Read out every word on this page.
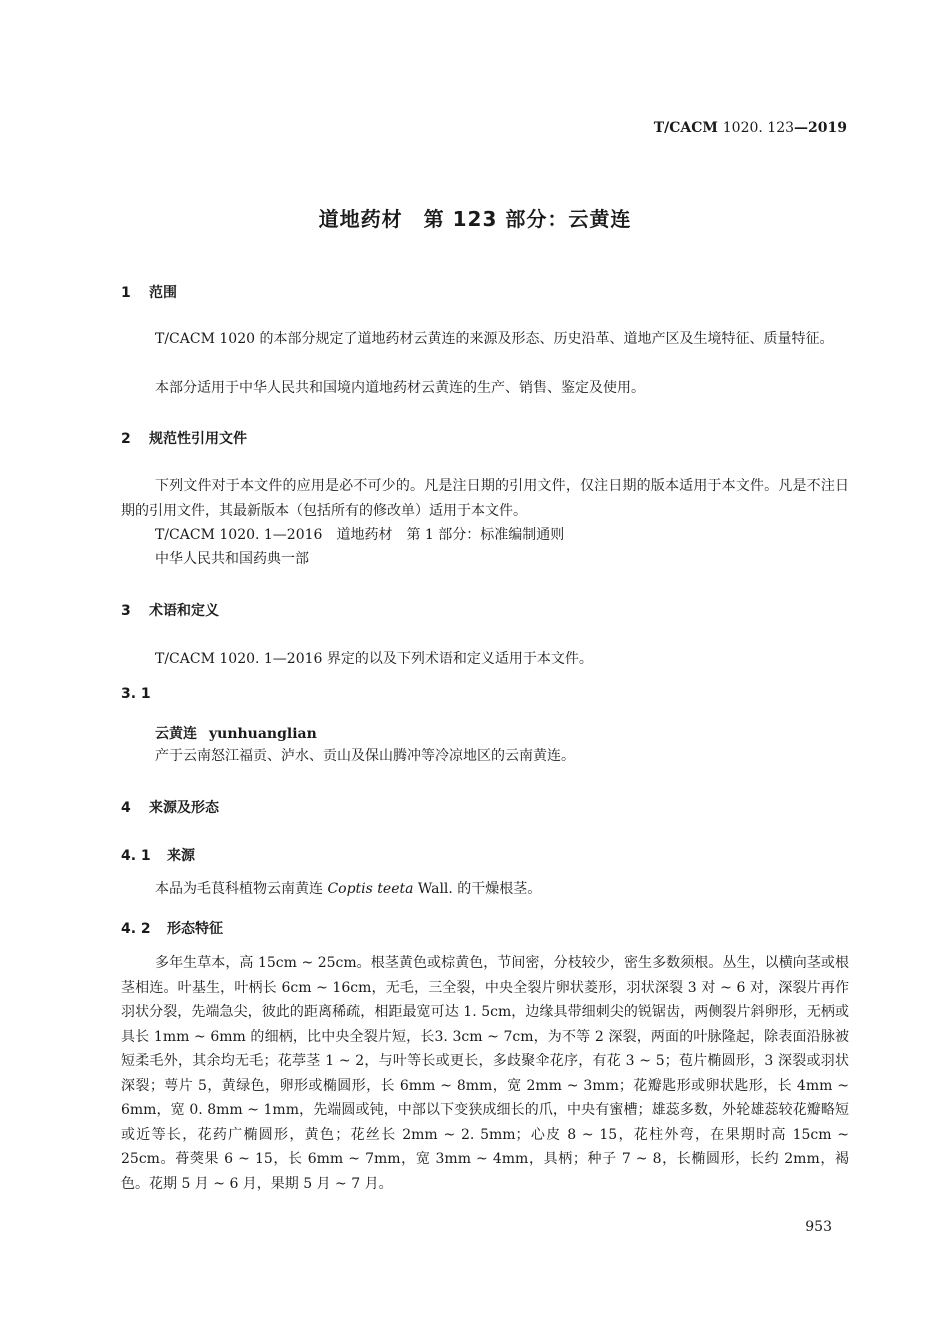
T/CACM 1020. 123—2019
道地药材　第 123 部分：云黄连
1 范围
T/CACM 1020 的本部分规定了道地药材云黄连的来源及形态、历史沿革、道地产区及生境特征、质量特征。
本部分适用于中华人民共和国境内道地药材云黄连的生产、销售、鉴定及使用。
2 规范性引用文件
下列文件对于本文件的应用是必不可少的。凡是注日期的引用文件，仅注日期的版本适用于本文件。凡是不注日期的引用文件，其最新版本（包括所有的修改单）适用于本文件。
T/CACM 1020. 1—2016　道地药材　第 1 部分：标准编制通则
中华人民共和国药典一部
3 术语和定义
T/CACM 1020. 1—2016 界定的以及下列术语和定义适用于本文件。
3. 1
云黄连 yunhuanglian
产于云南怒江福贡、泸水、贡山及保山腾冲等冷凉地区的云南黄连。
4 来源及形态
4. 1 来源
本品为毛茛科植物云南黄连 Coptis teeta Wall. 的干燥根茎。
4. 2 形态特征
多年生草本，高 15cm ~ 25cm。根茎黄色或棕黄色，节间密，分枝较少，密生多数须根。丛生，以横向茎或根茎相连。叶基生，叶柄长 6cm ~ 16cm，无毛，三全裂，中央全裂片卵状菱形，羽状深裂 3 对 ~ 6 对，深裂片再作羽状分裂，先端急尖，彼此的距离稀疏，相距最宽可达 1. 5cm，边缘具带细刺尖的锐锯齿，两侧裂片斜卵形，无柄或具长 1mm ~ 6mm 的细柄，比中央全裂片短，长3. 3cm ~ 7cm，为不等 2 深裂，两面的叶脉隆起，除表面沿脉被短柔毛外，其余均无毛；花葶茎 1 ~ 2，与叶等长或更长，多歧聚伞花序，有花 3 ~ 5；苞片椭圆形，3 深裂或羽状深裂；萼片 5，黄绿色，卵形或椭圆形，长 6mm ~ 8mm，宽 2mm ~ 3mm；花瓣匙形或卵状匙形，长 4mm ~ 6mm，宽 0. 8mm ~ 1mm，先端圆或钝，中部以下变狭成细长的爪，中央有蜜槽；雄蕊多数，外轮雄蕊较花瓣略短或近等长，花药广椭圆形，黄色；花丝长 2mm ~ 2. 5mm；心皮 8 ~ 15，花柱外弯，在果期时高 15cm ~ 25cm。蓇葖果 6 ~ 15，长 6mm ~ 7mm，宽 3mm ~ 4mm，具柄；种子 7 ~ 8，长椭圆形，长约 2mm，褐色。花期 5 月 ~ 6 月，果期 5 月 ~ 7 月。
953
